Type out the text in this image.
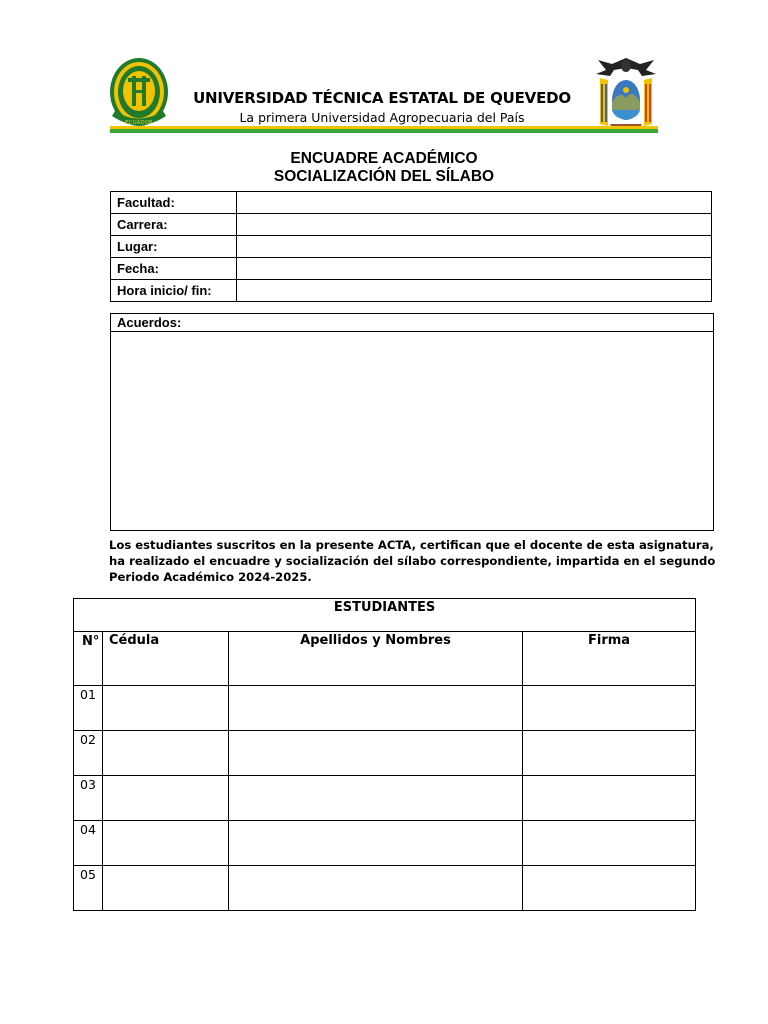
ECUADOR
1976
UNIVERSIDAD TÉCNICA ESTATAL DE QUEVEDO
La primera Universidad Agropecuaria del País
ENCUADRE ACADÉMICO
SOCIALIZACIÓN DEL SÍLABO
Facultad:	
Carrera:	
Lugar:	
Fecha:	
Hora inicio/ fin:	
Acuerdos:
Los estudiantes suscritos en la presente ACTA, certifican que el docente de esta asignatura,
ha realizado el encuadre y socialización del sílabo correspondiente, impartida en el segundo
Periodo Académico 2024-2025.
ESTUDIANTES			
N°	Cédula	Apellidos y Nombres	Firma
01			
02			
03			
04			
05			
